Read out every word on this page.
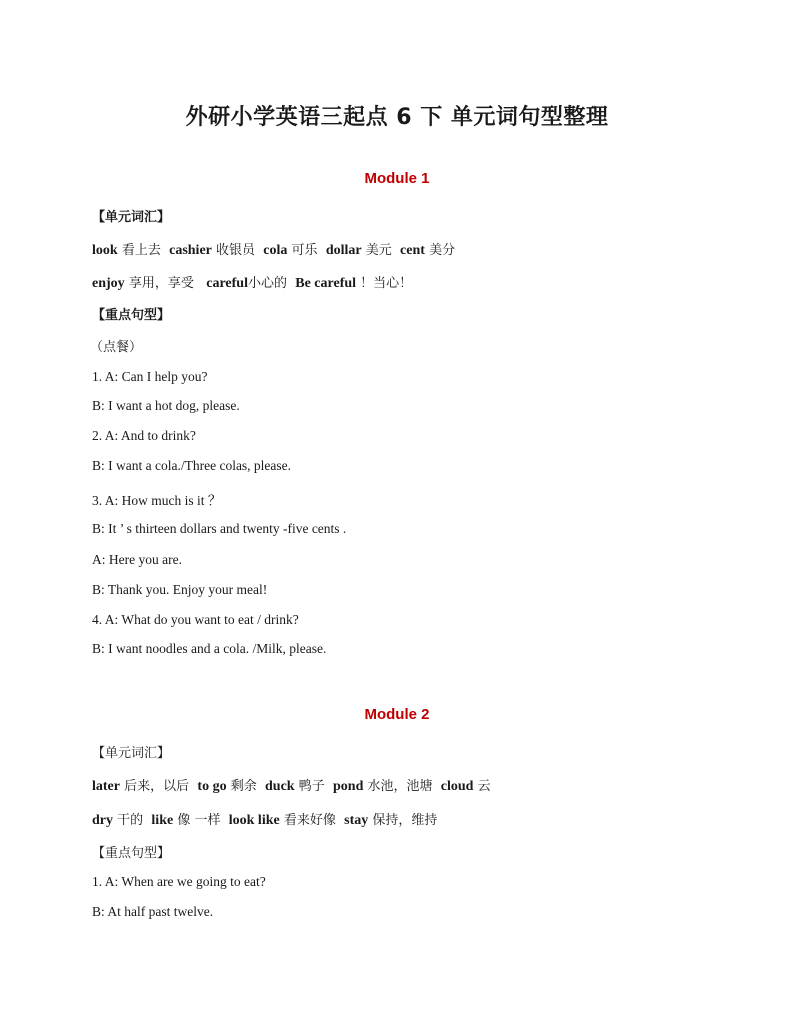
外研小学英语三起点 6 下 单元词句型整理
Module 1
【单元词汇】
look 看上去 cashier 收银员 cola 可乐 dollar 美元 cent 美分
enjoy 享用，享受 careful小心的 Be careful ！当心！
【重点句型】
（点餐）
1. A: Can I help you?
B: I want a hot dog, please.
2. A: And to drink?
B: I want a cola./Three colas, please.
3. A: How much is it ？
B: It ’ s thirteen dollars and twenty -five cents .
A: Here you are.
B: Thank you. Enjoy your meal!
4. A: What do you want to eat / drink?
B: I want noodles and a cola. /Milk, please.
Module 2
【单元词汇】
later 后来，以后 to go 剩余 duck 鸭子 pond 水池，池塘 cloud 云
dry 干的 like 像 一样 look like 看来好像 stay 保持，维持
【重点句型】
1. A: When are we going to eat?
B: At half past twelve.
